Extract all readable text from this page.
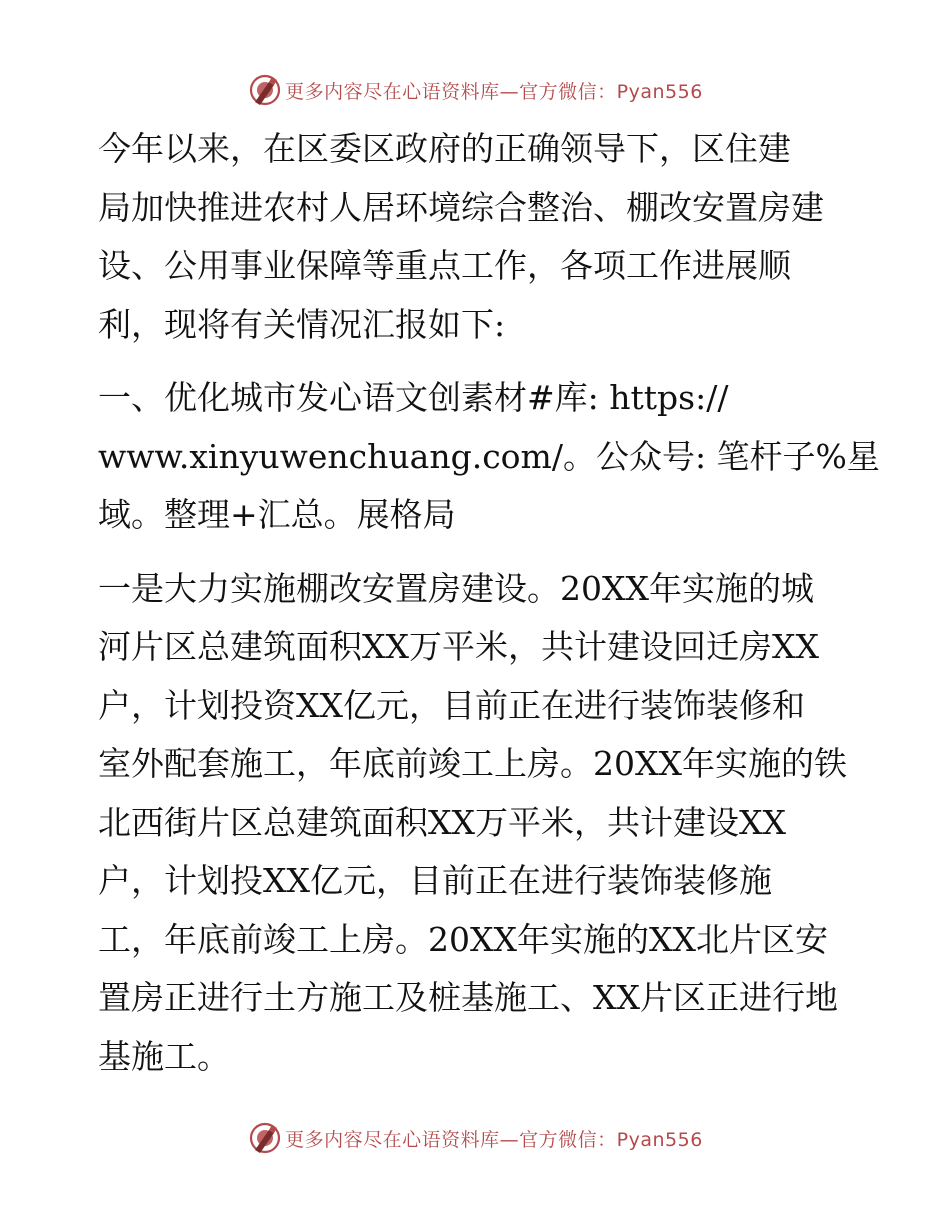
更多内容尽在心语资料库—官方微信：Pyan556
今年以来，在区委区政府的正确领导下，区住建
局加快推进农村人居环境综合整治、棚改安置房建
设、公用事业保障等重点工作，各项工作进展顺
利，现将有关情况汇报如下:
一、优化城市发心语文创素材#库: https://
www.xinyuwenchuang.com/。公众号: 笔杆子%星
域。整理+汇总。展格局
一是大力实施棚改安置房建设。20XX年实施的城
河片区总建筑面积XX万平米，共计建设回迁房XX
户，计划投资XX亿元，目前正在进行装饰装修和
室外配套施工，年底前竣工上房。20XX年实施的铁
北西街片区总建筑面积XX万平米，共计建设XX
户，计划投XX亿元，目前正在进行装饰装修施
工，年底前竣工上房。20XX年实施的XX北片区安
置房正进行土方施工及桩基施工、XX片区正进行地
基施工。
更多内容尽在心语资料库—官方微信：Pyan556
